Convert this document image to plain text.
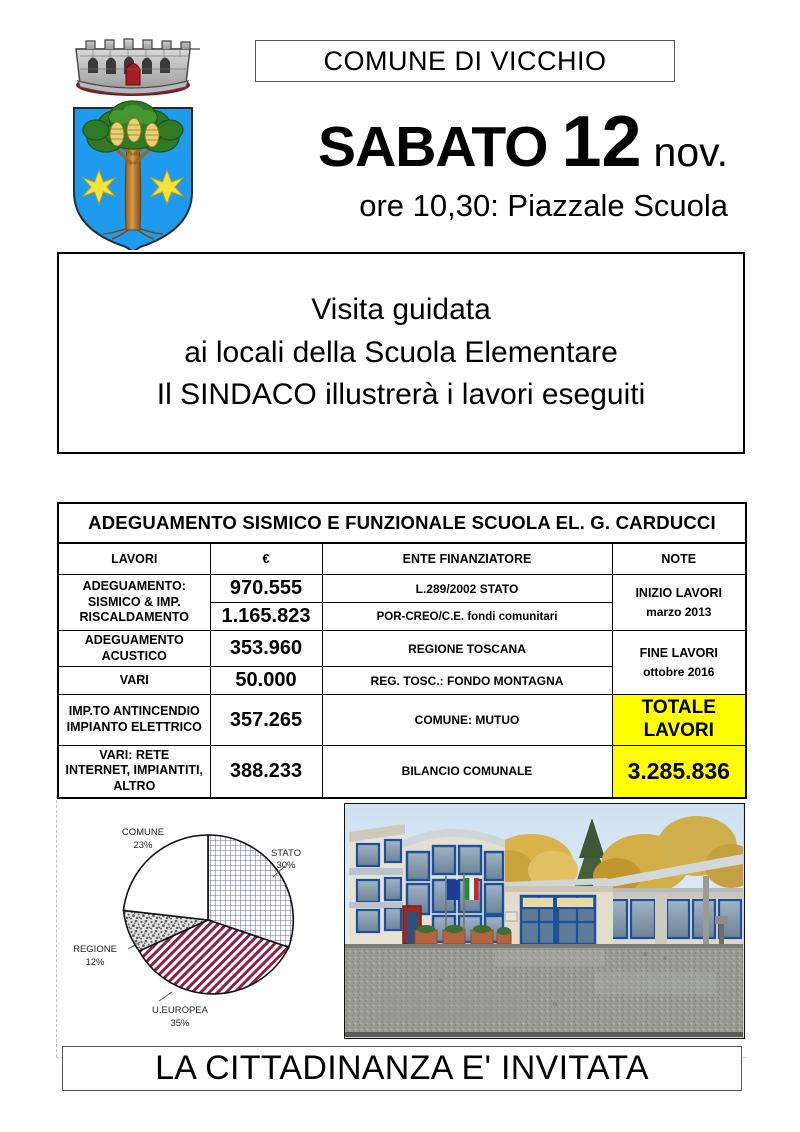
COMUNE DI VICCHIO
SABATO 12 nov.
ore 10,30: Piazzale Scuola
Visita guidata
ai locali della Scuola Elementare
Il SINDACO illustrerà i lavori eseguiti
ADEGUAMENTO SISMICO E FUNZIONALE SCUOLA EL. G. CARDUCCI			
LAVORI	€	ENTE FINANZIATORE	NOTE
ADEGUAMENTO:
SISMICO & IMP.
RISCALDAMENTO	970.555	L.289/2002 STATO	INIZIO LAVORI
marzo 2013
	1.165.823	POR-CREO/C.E. fondi comunitari	
ADEGUAMENTO
ACUSTICO	353.960	REGIONE TOSCANA	FINE LAVORI
ottobre 2016
VARI	50.000	REG. TOSC.: FONDO MONTAGNA	
IMP.TO ANTINCENDIO
IMPIANTO ELETTRICO	357.265	COMUNE: MUTUO	TOTALE
LAVORI
VARI: RETE
INTERNET, IMPIANTITI,
ALTRO	388.233	BILANCIO COMUNALE	3.285.836
STATO
30%
U.EUROPEA
35%
REGIONE
12%
COMUNE
23%
LA CITTADINANZA E' INVITATA
